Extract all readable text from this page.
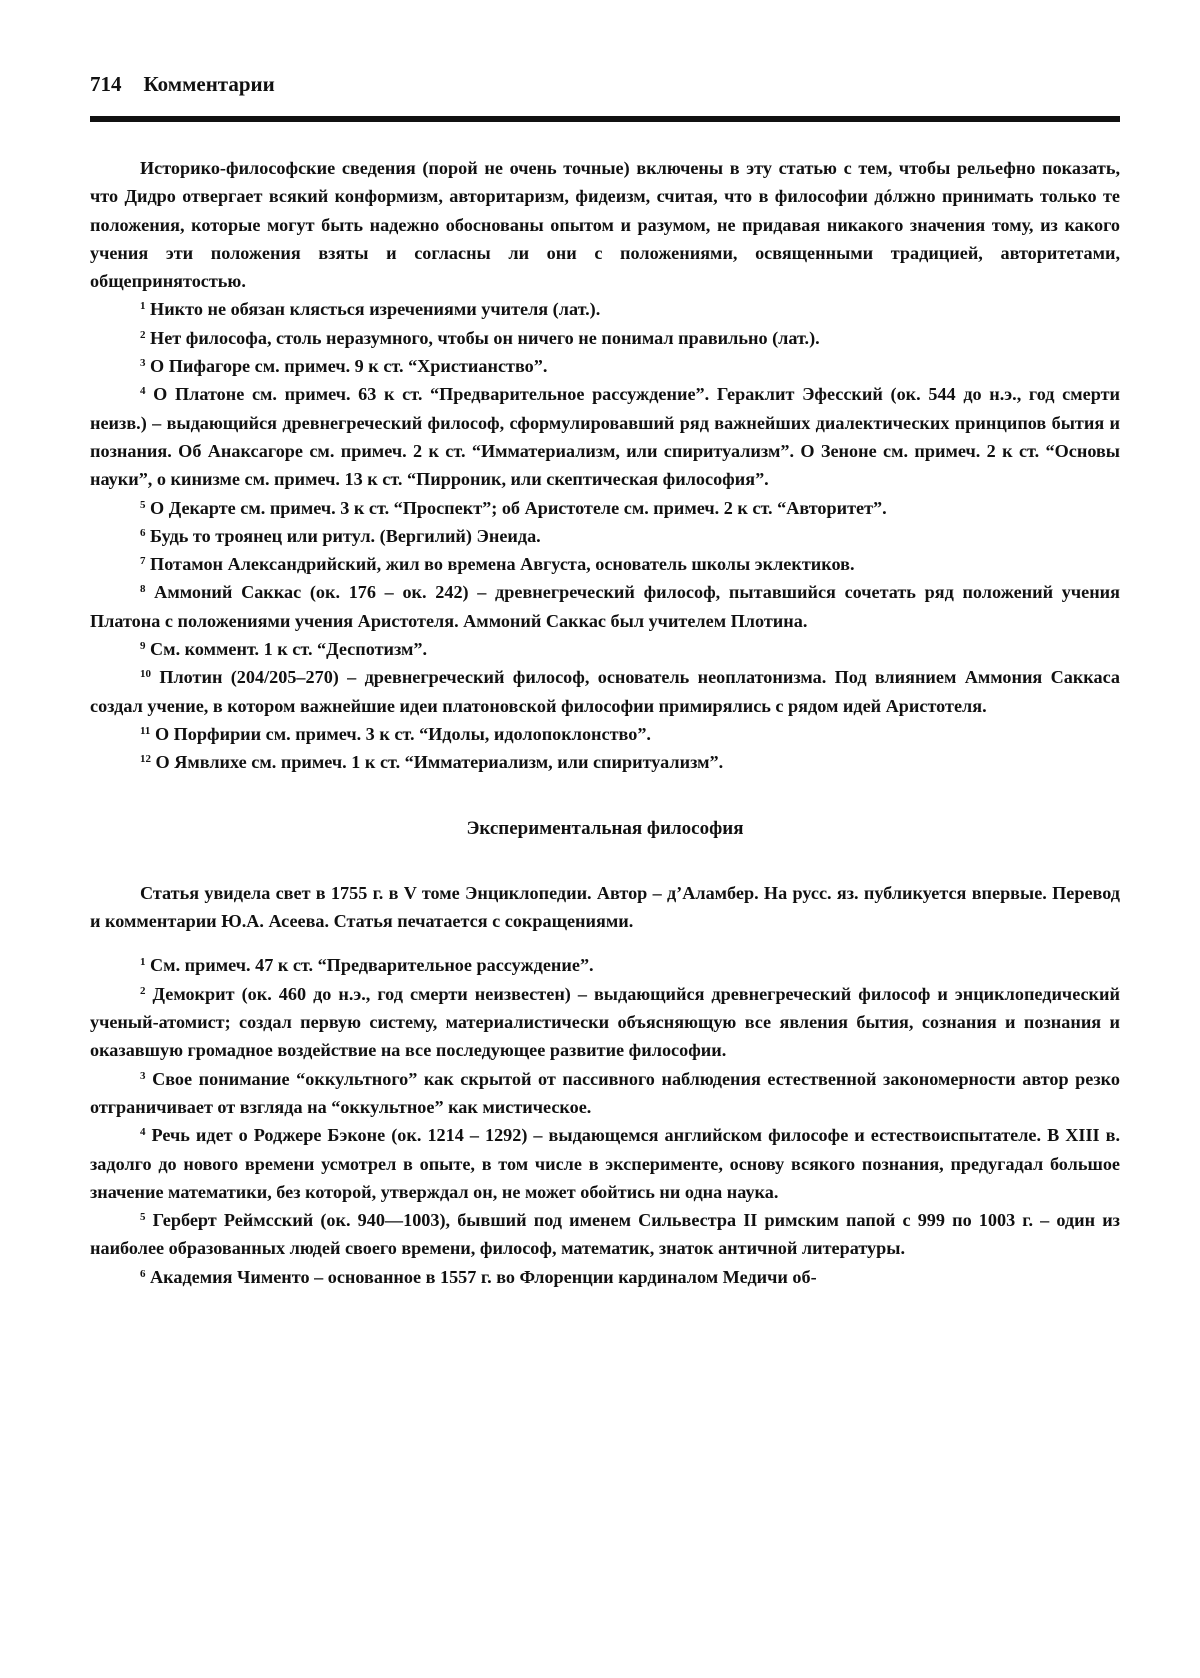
714 Комментарии

Историко-философские сведения (порой не очень точные) включены в эту статью с тем, чтобы рельефно показать, что Дидро отвергает всякий конформизм, авторитаризм, фидеизм, считая, что в философии дóлжно принимать только те положения, которые могут быть надежно обоснованы опытом и разумом, не придавая никакого значения тому, из какого учения эти положения взяты и согласны ли они с положениями, освященными традицией, авторитетами, общепринятостью.

$^1$ Никто не обязан клясться изречениями учителя (лат.).

$^2$ Нет философа, столь неразумного, чтобы он ничего не понимал правильно (лат.).

$^3$ О Пифагоре см. примеч. 9 к ст. “Христианство”.

$^4$ О Платоне см. примеч. 63 к ст. “Предварительное рассуждение”. Гераклит Эфесский (ок. 544 до н.э., год смерти неизв.) – выдающийся древнегреческий философ, сформулировавший ряд важнейших диалектических принципов бытия и познания. Об Анаксагоре см. примеч. 2 к ст. “Имматериализм, или спиритуализм”. О Зеноне см. примеч. 2 к ст. “Основы науки”, о кинизме см. примеч. 13 к ст. “Пирроник, или скептическая философия”.

$^5$ О Декарте см. примеч. 3 к ст. “Проспект”; об Аристотеле см. примеч. 2 к ст. “Авторитет”.

$^6$ Будь то троянец или ритул. (Вергилий) Энеида.

$^7$ Потамон Александрийский, жил во времена Августа, основатель школы эклектиков.

$^8$ Аммоний Саккас (ок. 176 – ок. 242) – древнегреческий философ, пытавшийся сочетать ряд положений учения Платона с положениями учения Аристотеля. Аммоний Саккас был учителем Плотина.

$^9$ См. коммент. 1 к ст. “Деспотизм”.

$^{10}$ Плотин (204/205–270) – древнегреческий философ, основатель неоплатонизма. Под влиянием Аммония Саккаса создал учение, в котором важнейшие идеи платоновской философии примирялись с рядом идей Аристотеля.

$^{11}$ О Порфирии см. примеч. 3 к ст. “Идолы, идолопоклонство”.

$^{12}$ О Ямвлихе см. примеч. 1 к ст. “Имматериализм, или спиритуализм”.

Экспериментальная философия

Статья увидела свет в 1755 г. в V томе Энциклопедии. Автор – д’Аламбер. На русс. яз. публикуется впервые. Перевод и комментарии Ю.А. Асеева. Статья печатается с сокращениями.

$^1$ См. примеч. 47 к ст. “Предварительное рассуждение”.

$^2$ Демокрит (ок. 460 до н.э., год смерти неизвестен) – выдающийся древнегреческий философ и энциклопедический ученый-атомист; создал первую систему, материалистически объясняющую все явления бытия, сознания и познания и оказавшую громадное воздействие на все последующее развитие философии.

$^3$ Свое понимание “оккультного” как скрытой от пассивного наблюдения естественной закономерности автор резко отграничивает от взгляда на “оккультное” как мистическое.

$^4$ Речь идет о Роджере Бэконе (ок. 1214 – 1292) – выдающемся английском философе и естествоиспытателе. В XIII в. задолго до нового времени усмотрел в опыте, в том числе в эксперименте, основу всякого познания, предугадал большое значение математики, без которой, утверждал он, не может обойтись ни одна наука.

$^5$ Герберт Реймсский (ок. 940—1003), бывший под именем Сильвестра II римским папой с 999 по 1003 г. – один из наиболее образованных людей своего времени, философ, математик, знаток античной литературы.

$^6$ Академия Чименто – основанное в 1557 г. во Флоренции кардиналом Медичи об-
